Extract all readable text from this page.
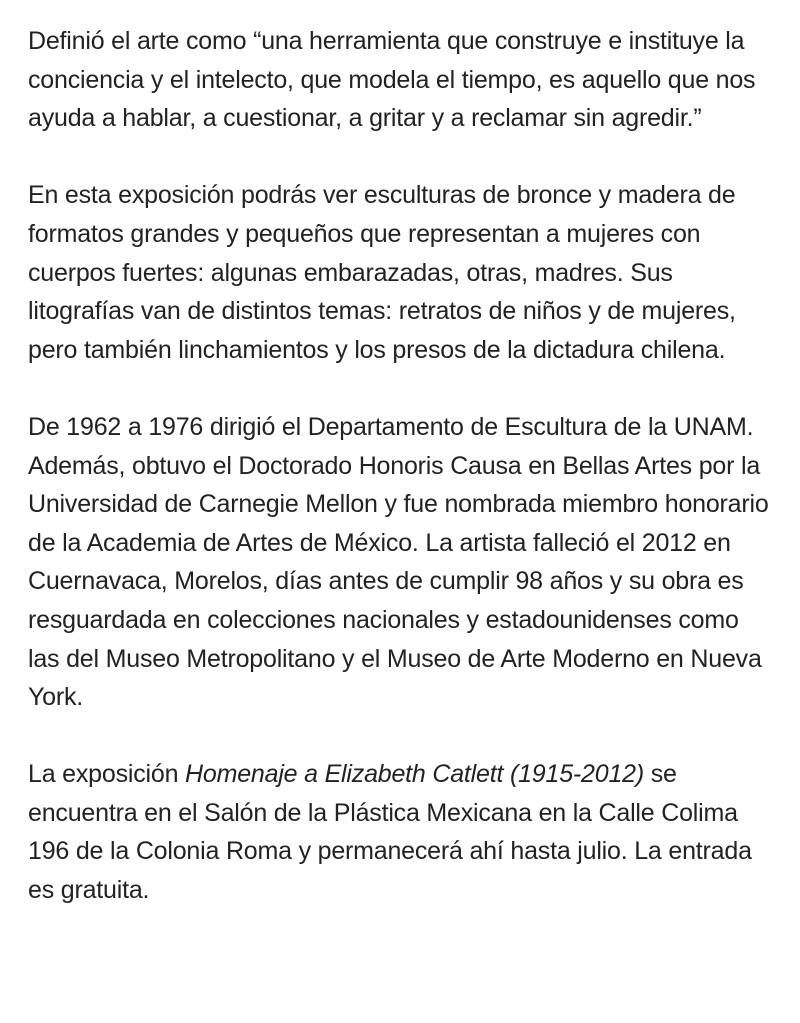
Definió el arte como “una herramienta que construye e instituye la conciencia y el intelecto, que modela el tiempo, es aquello que nos ayuda a hablar, a cuestionar, a gritar y a reclamar sin agredir.”

En esta exposición podrás ver esculturas de bronce y madera de formatos grandes y pequeños que representan a mujeres con cuerpos fuertes: algunas embarazadas, otras, madres. Sus litografías van de distintos temas: retratos de niños y de mujeres, pero también linchamientos y los presos de la dictadura chilena.

De 1962 a 1976 dirigió el Departamento de Escultura de la UNAM. Además, obtuvo el Doctorado Honoris Causa en Bellas Artes por la Universidad de Carnegie Mellon y fue nombrada miembro honorario de la Academia de Artes de México. La artista falleció el 2012 en Cuernavaca, Morelos, días antes de cumplir 98 años y su obra es resguardada en colecciones nacionales y estadounidenses como las del Museo Metropolitano y el Museo de Arte Moderno en Nueva York.

La exposición Homenaje a Elizabeth Catlett (1915-2012) se encuentra en el Salón de la Plástica Mexicana en la Calle Colima 196 de la Colonia Roma y permanecerá ahí hasta julio. La entrada es gratuita.
